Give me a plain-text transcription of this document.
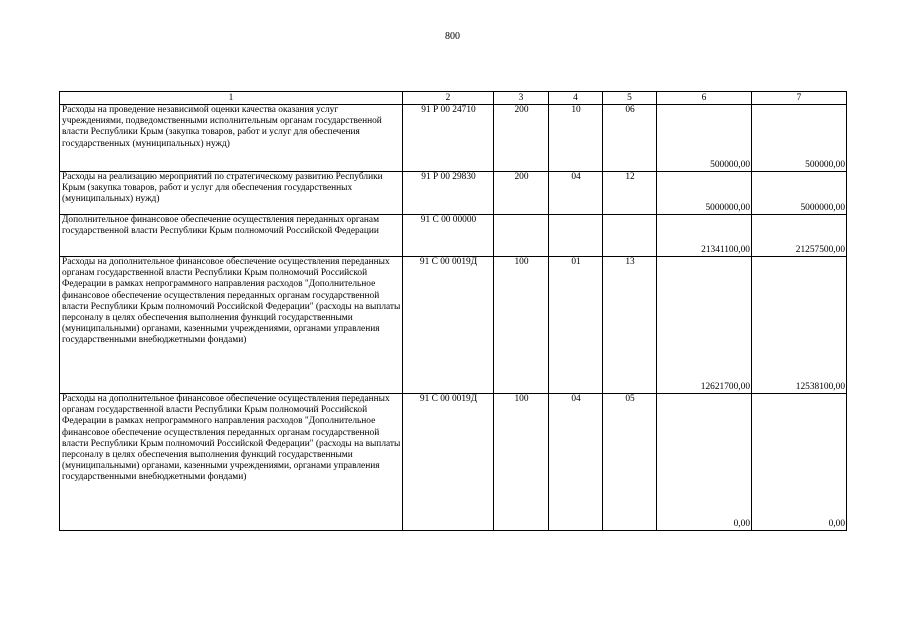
800
1	2	3	4	5	6	7
Расходы на проведение независимой оценки качества оказания услуг учреждениями, подведомственными исполнительным органам государственной власти Республики Крым (закупка товаров, работ и услуг для обеспечения государственных (муниципальных) нужд)	91 Р 00 24710	200	10	06	500000,00	500000,00
Расходы на реализацию мероприятий по стратегическому развитию Республики Крым (закупка товаров, работ и услуг для обеспечения государственных (муниципальных) нужд)	91 Р 00 29830	200	04	12	5000000,00	5000000,00
Дополнительное финансовое обеспечение осуществления переданных органам государственной власти Республики Крым полномочий Российской Федерации	91 С 00 00000				21341100,00	21257500,00
Расходы на дополнительное финансовое обеспечение осуществления переданных органам государственной власти Республики Крым полномочий Российской Федерации в рамках непрограммного направления расходов "Дополнительное финансовое обеспечение осуществления переданных органам государственной власти Республики Крым полномочий Российской Федерации" (расходы на выплаты персоналу в целях обеспечения выполнения функций государственными (муниципальными) органами, казенными учреждениями, органами управления государственными внебюджетными фондами)	91 С 00 0019Д	100	01	13	12621700,00	12538100,00
Расходы на дополнительное финансовое обеспечение осуществления переданных органам государственной власти Республики Крым полномочий Российской Федерации в рамках непрограммного направления расходов "Дополнительное финансовое обеспечение осуществления переданных органам государственной власти Республики Крым полномочий Российской Федерации" (расходы на выплаты персоналу в целях обеспечения выполнения функций государственными (муниципальными) органами, казенными учреждениями, органами управления государственными внебюджетными фондами)	91 С 00 0019Д	100	04	05	0,00	0,00
